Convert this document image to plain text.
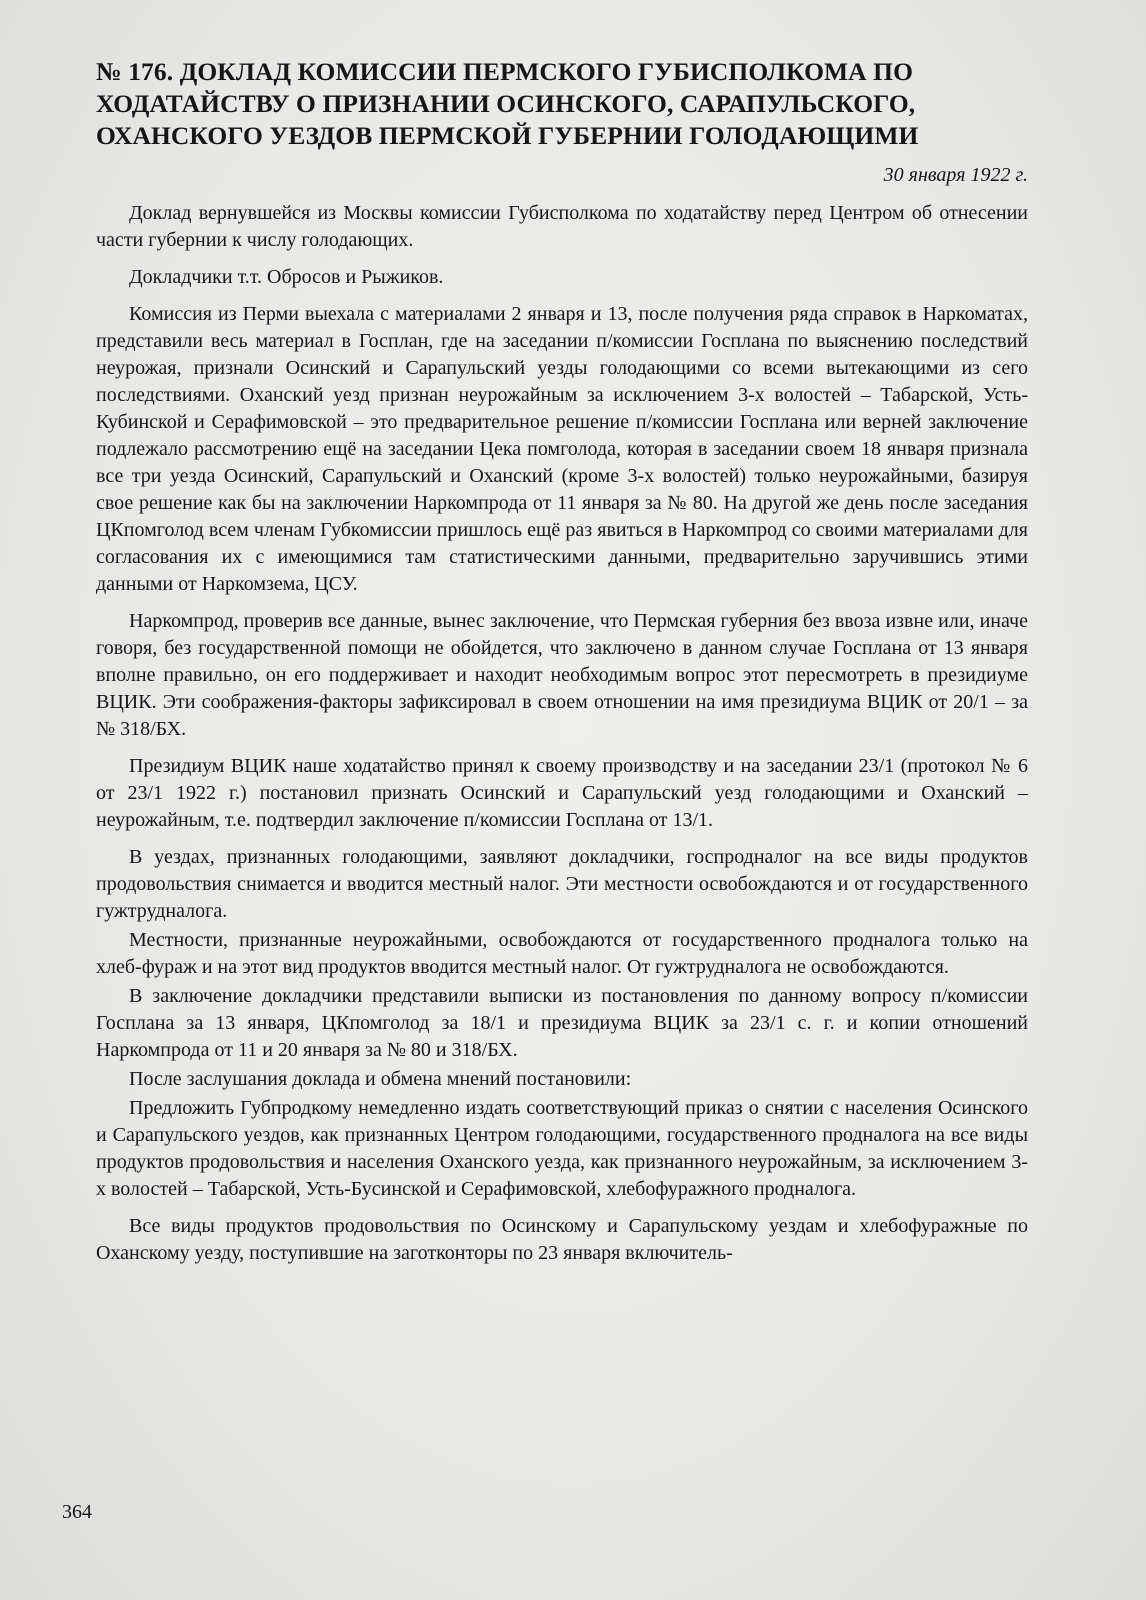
№ 176. ДОКЛАД КОМИССИИ ПЕРМСКОГО ГУБИСПОЛКОМА ПО
ХОДАТАЙСТВУ О ПРИЗНАНИИ ОСИНСКОГО, САРАПУЛЬСКОГО,
ОХАНСКОГО УЕЗДОВ ПЕРМСКОЙ ГУБЕРНИИ ГОЛОДАЮЩИМИ
30 января 1922 г.

Доклад вернувшейся из Москвы комиссии Губисполкома по ходатайству перед Центром об отнесении части губернии к числу голодающих.

Докладчики т.т. Обросов и Рыжиков.

Комиссия из Перми выехала с материалами 2 января и 13, после получения ряда справок в Наркоматах, представили весь материал в Госплан, где на заседании п/комиссии Госплана по выяснению последствий неурожая, признали Осинский и Сарапульский уезды голодающими со всеми вытекающими из сего последствиями. Оханский уезд признан неурожайным за исключением 3-х волостей – Табарской, Усть-Кубинской и Серафимовской – это предварительное решение п/комиссии Госплана или верней заключение подлежало рассмотрению ещё на заседании Цека помголода, которая в заседании своем 18 января признала все три уезда Осинский, Сарапульский и Оханский (кроме 3-х волостей) только неурожайными, базируя свое решение как бы на заключении Наркомпрода от 11 января за № 80. На другой же день после заседания ЦКпомголод всем членам Губкомиссии пришлось ещё раз явиться в Наркомпрод со своими материалами для согласования их с имеющимися там статистическими данными, предварительно заручившись этими данными от Наркомзема, ЦСУ.

Наркомпрод, проверив все данные, вынес заключение, что Пермская губерния без ввоза извне или, иначе говоря, без государственной помощи не обойдется, что заключено в данном случае Госплана от 13 января вполне правильно, он его поддерживает и находит необходимым вопрос этот пересмотреть в президиуме ВЦИК. Эти соображения-факторы зафиксировал в своем отношении на имя президиума ВЦИК от 20/1 – за № 318/БХ.

Президиум ВЦИК наше ходатайство принял к своему производству и на заседании 23/1 (протокол № 6 от 23/1 1922 г.) постановил признать Осинский и Сарапульский уезд голодающими и Оханский – неурожайным, т.е. подтвердил заключение п/комиссии Госплана от 13/1.

В уездах, признанных голодающими, заявляют докладчики, госпродналог на все виды продуктов продовольствия снимается и вводится местный налог. Эти местности освобождаются и от государственного гужтрудналога.

Местности, признанные неурожайными, освобождаются от государственного продналога только на хлеб-фураж и на этот вид продуктов вводится местный налог. От гужтрудналога не освобождаются.

В заключение докладчики представили выписки из постановления по данному вопросу п/комиссии Госплана за 13 января, ЦКпомголод за 18/1 и президиума ВЦИК за 23/1 с. г. и копии отношений Наркомпрода от 11 и 20 января за № 80 и 318/БХ.

После заслушания доклада и обмена мнений постановили:

Предложить Губпродкому немедленно издать соответствующий приказ о снятии с населения Осинского и Сарапульского уездов, как признанных Центром голодающими, государственного продналога на все виды продуктов продовольствия и населения Оханского уезда, как признанного неурожайным, за исключением 3-х волостей – Табарской, Усть-Бусинской и Серафимовской, хлебофуражного продналога.

Все виды продуктов продовольствия по Осинскому и Сарапульскому уездам и хлебофуражные по Оханскому уезду, поступившие на заготконторы по 23 января включитель-

364
